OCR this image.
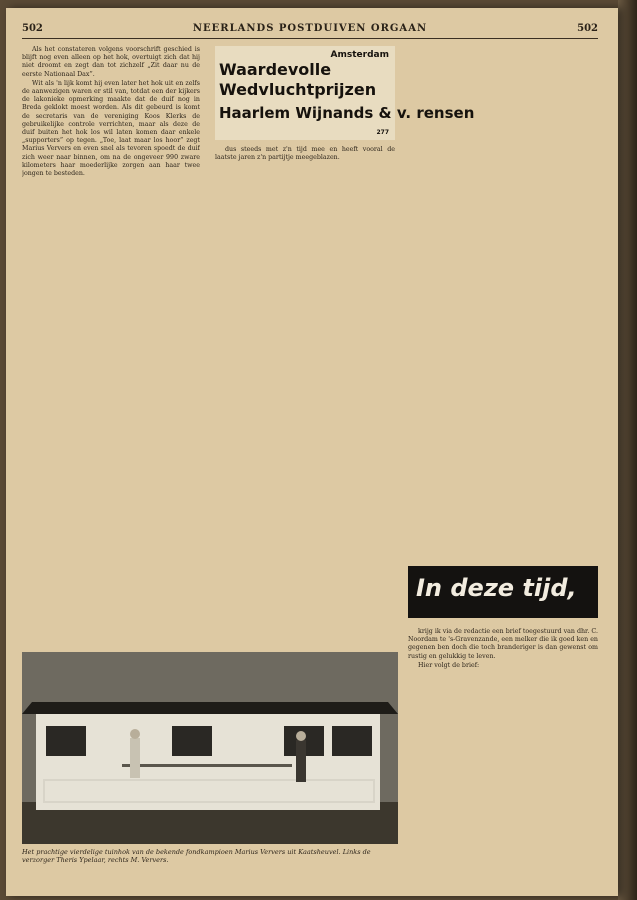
502	NEERLANDS POSTDUIVEN ORGAAN	502

Als het constateren volgens voorschrift geschied is blijft nog even alleen op het hok, overtuigt zich dat hij niet droomt en zegt dan tot zichzelf „Zit daar nu de eerste Nationaal Dax”.

Wit als 'n lijk komt hij even later het hok uit en zelfs de aanwezigen waren er stil van, totdat een der kijkers de lakonieke opmerking maakte dat de duif nog in Breda geklokt moest worden. Als dit gebeurd is komt de secretaris van de vereniging Koos Klerks de gebruikelijke controle verrichten, maar als deze de duif buiten het hok los wil laten komen daar enkele „supporters” op tegen. „Toe, laat maar los hoor” zegt Marius Ververs en even snel als tevoren spoedt de duif zich weer naar binnen, om na de ongeveer 990 zware kilometers haar moederlijke zorgen aan haar twee jongen te besteden.

Amsterdam
Waardevolle
Wedvluchtprijzen
Haarlem Wijnands & v. rensen
277

dus steeds met z'n tijd mee en heeft vooral de laatste jaren z'n partijtje meegeblazen.

In deze tijd,

krijg ik via de redactie een brief toegestuurd van dhr. C. Noordam te 's-Gravenzande, een melker die ik goed ken en gegenen ben doch die toch branderiger is dan gewenst om rustig en gelukkig te leven.

Hier volgt de brief:

Het prachtige vierdelige tuinhok van de bekende fondkampioen Marius Ververs uit Kaatsheuvel. Links de verzorger Theris Ypelaar, rechts M. Ververs.
